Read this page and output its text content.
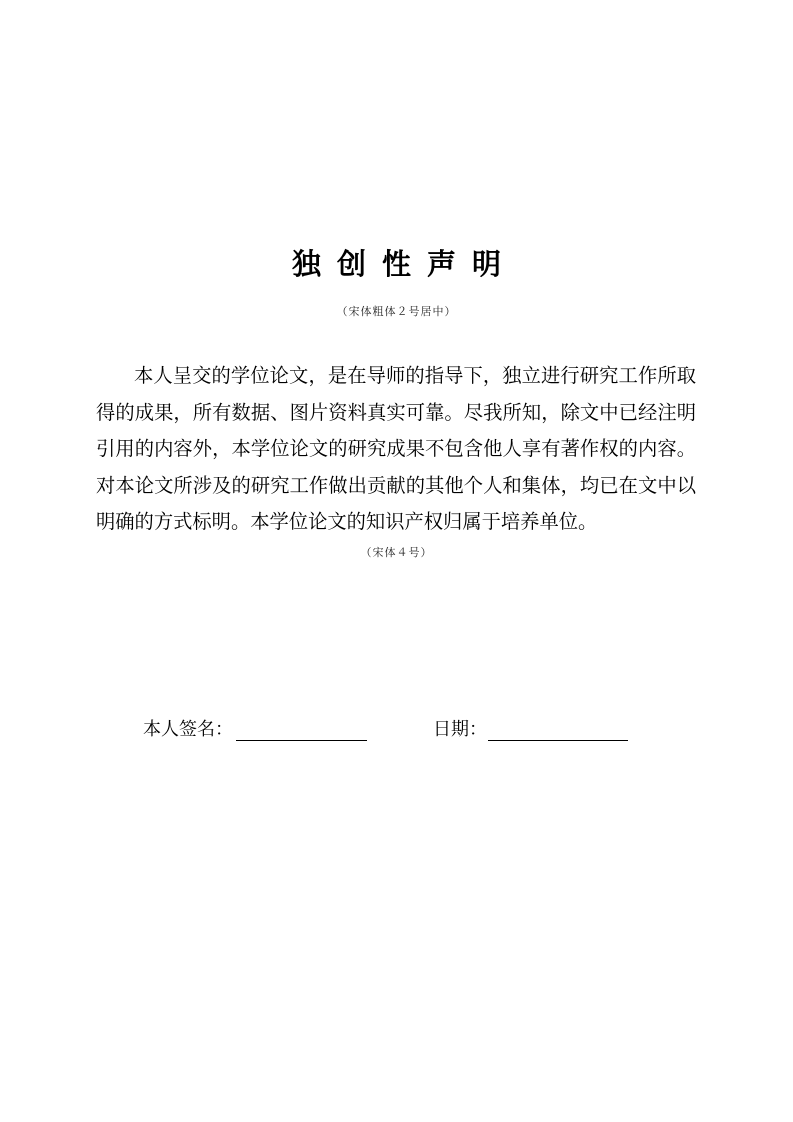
独创性声明
（宋体粗体２号居中）

本人呈交的学位论文，是在导师的指导下，独立进行研究工作所取得的成果，所有数据、图片资料真实可靠。尽我所知，除文中已经注明引用的内容外，本学位论文的研究成果不包含他人享有著作权的内容。对本论文所涉及的研究工作做出贡献的其他个人和集体，均已在文中以明确的方式标明。本学位论文的知识产权归属于培养单位。

（宋体４号）
本人签名：	日期：
